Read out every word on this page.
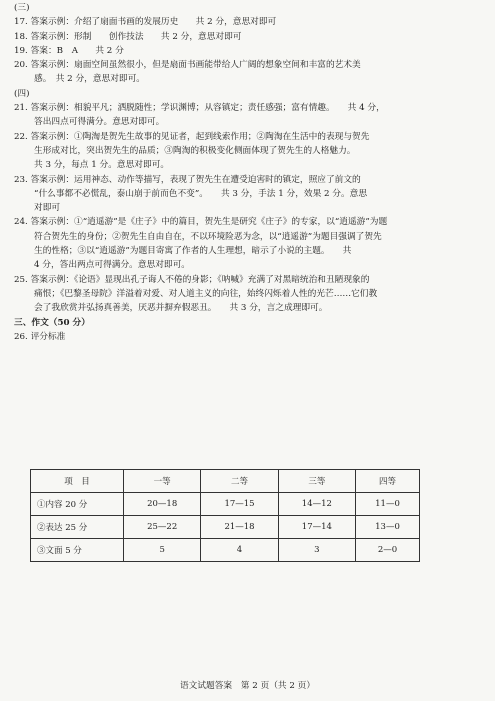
(三)
17. 答案示例：介绍了扇面书画的发展历史　　共 2 分，意思对即可
18. 答案示例：形制　　创作技法　　共 2 分，意思对即可
19. 答案：B　A　　共 2 分
20. 答案示例：扇面空间虽然很小，但是扇面书画能带给人广阔的想象空间和丰富的艺术美
感。　共 2 分，意思对即可。
(四)
21. 答案示例：相貌平凡；洒脱随性；学识渊博；从容镇定；责任感强；富有情趣。　　共 4 分，
答出四点可得满分。意思对即可。
22. 答案示例：①陶淘是贺先生故事的见证者，起到线索作用；②陶淘在生活中的表现与贺先
生形成对比，突出贺先生的品质；③陶淘的积极变化侧面体现了贺先生的人格魅力。
共 3 分，每点 1 分。意思对即可。
23. 答案示例：运用神态、动作等描写，表现了贺先生在遭受迫害时的镇定，照应了前文的
“什么事都不必慌乱，泰山崩于前而色不变”。　　共 3 分，手法 1 分，效果 2 分。意思
对即可
24. 答案示例：①“逍遥游”是《庄子》中的篇目，贺先生是研究《庄子》的专家，以“逍遥游”为题
符合贺先生的身份；②贺先生自由自在，不以环境险恶为念，以“逍遥游”为题目强调了贺先
生的性格；③以“逍遥游”为题目寄寓了作者的人生理想，暗示了小说的主题。　　共
4 分，答出两点可得满分。意思对即可。
25. 答案示例：《论语》显现出孔子诲人不倦的身影；《呐喊》充满了对黑暗统治和丑陋现象的
痛恨；《巴黎圣母院》洋溢着对爱、对人道主义的向往，始终闪烁着人性的光芒……它们教
会了我欣赏并弘扬真善美，厌恶并摒弃假恶丑。　　共 3 分，言之成理即可。
三、作文（50 分）
26. 评分标准
项　目	一等	二等	三等	四等
①内容 20 分	20—18	17—15	14—12	11—0
②表达 25 分	25—22	21—18	17—14	13—0
③文面 5 分	5	4	3	2—0
语文试题答案　第 2 页（共 2 页）
